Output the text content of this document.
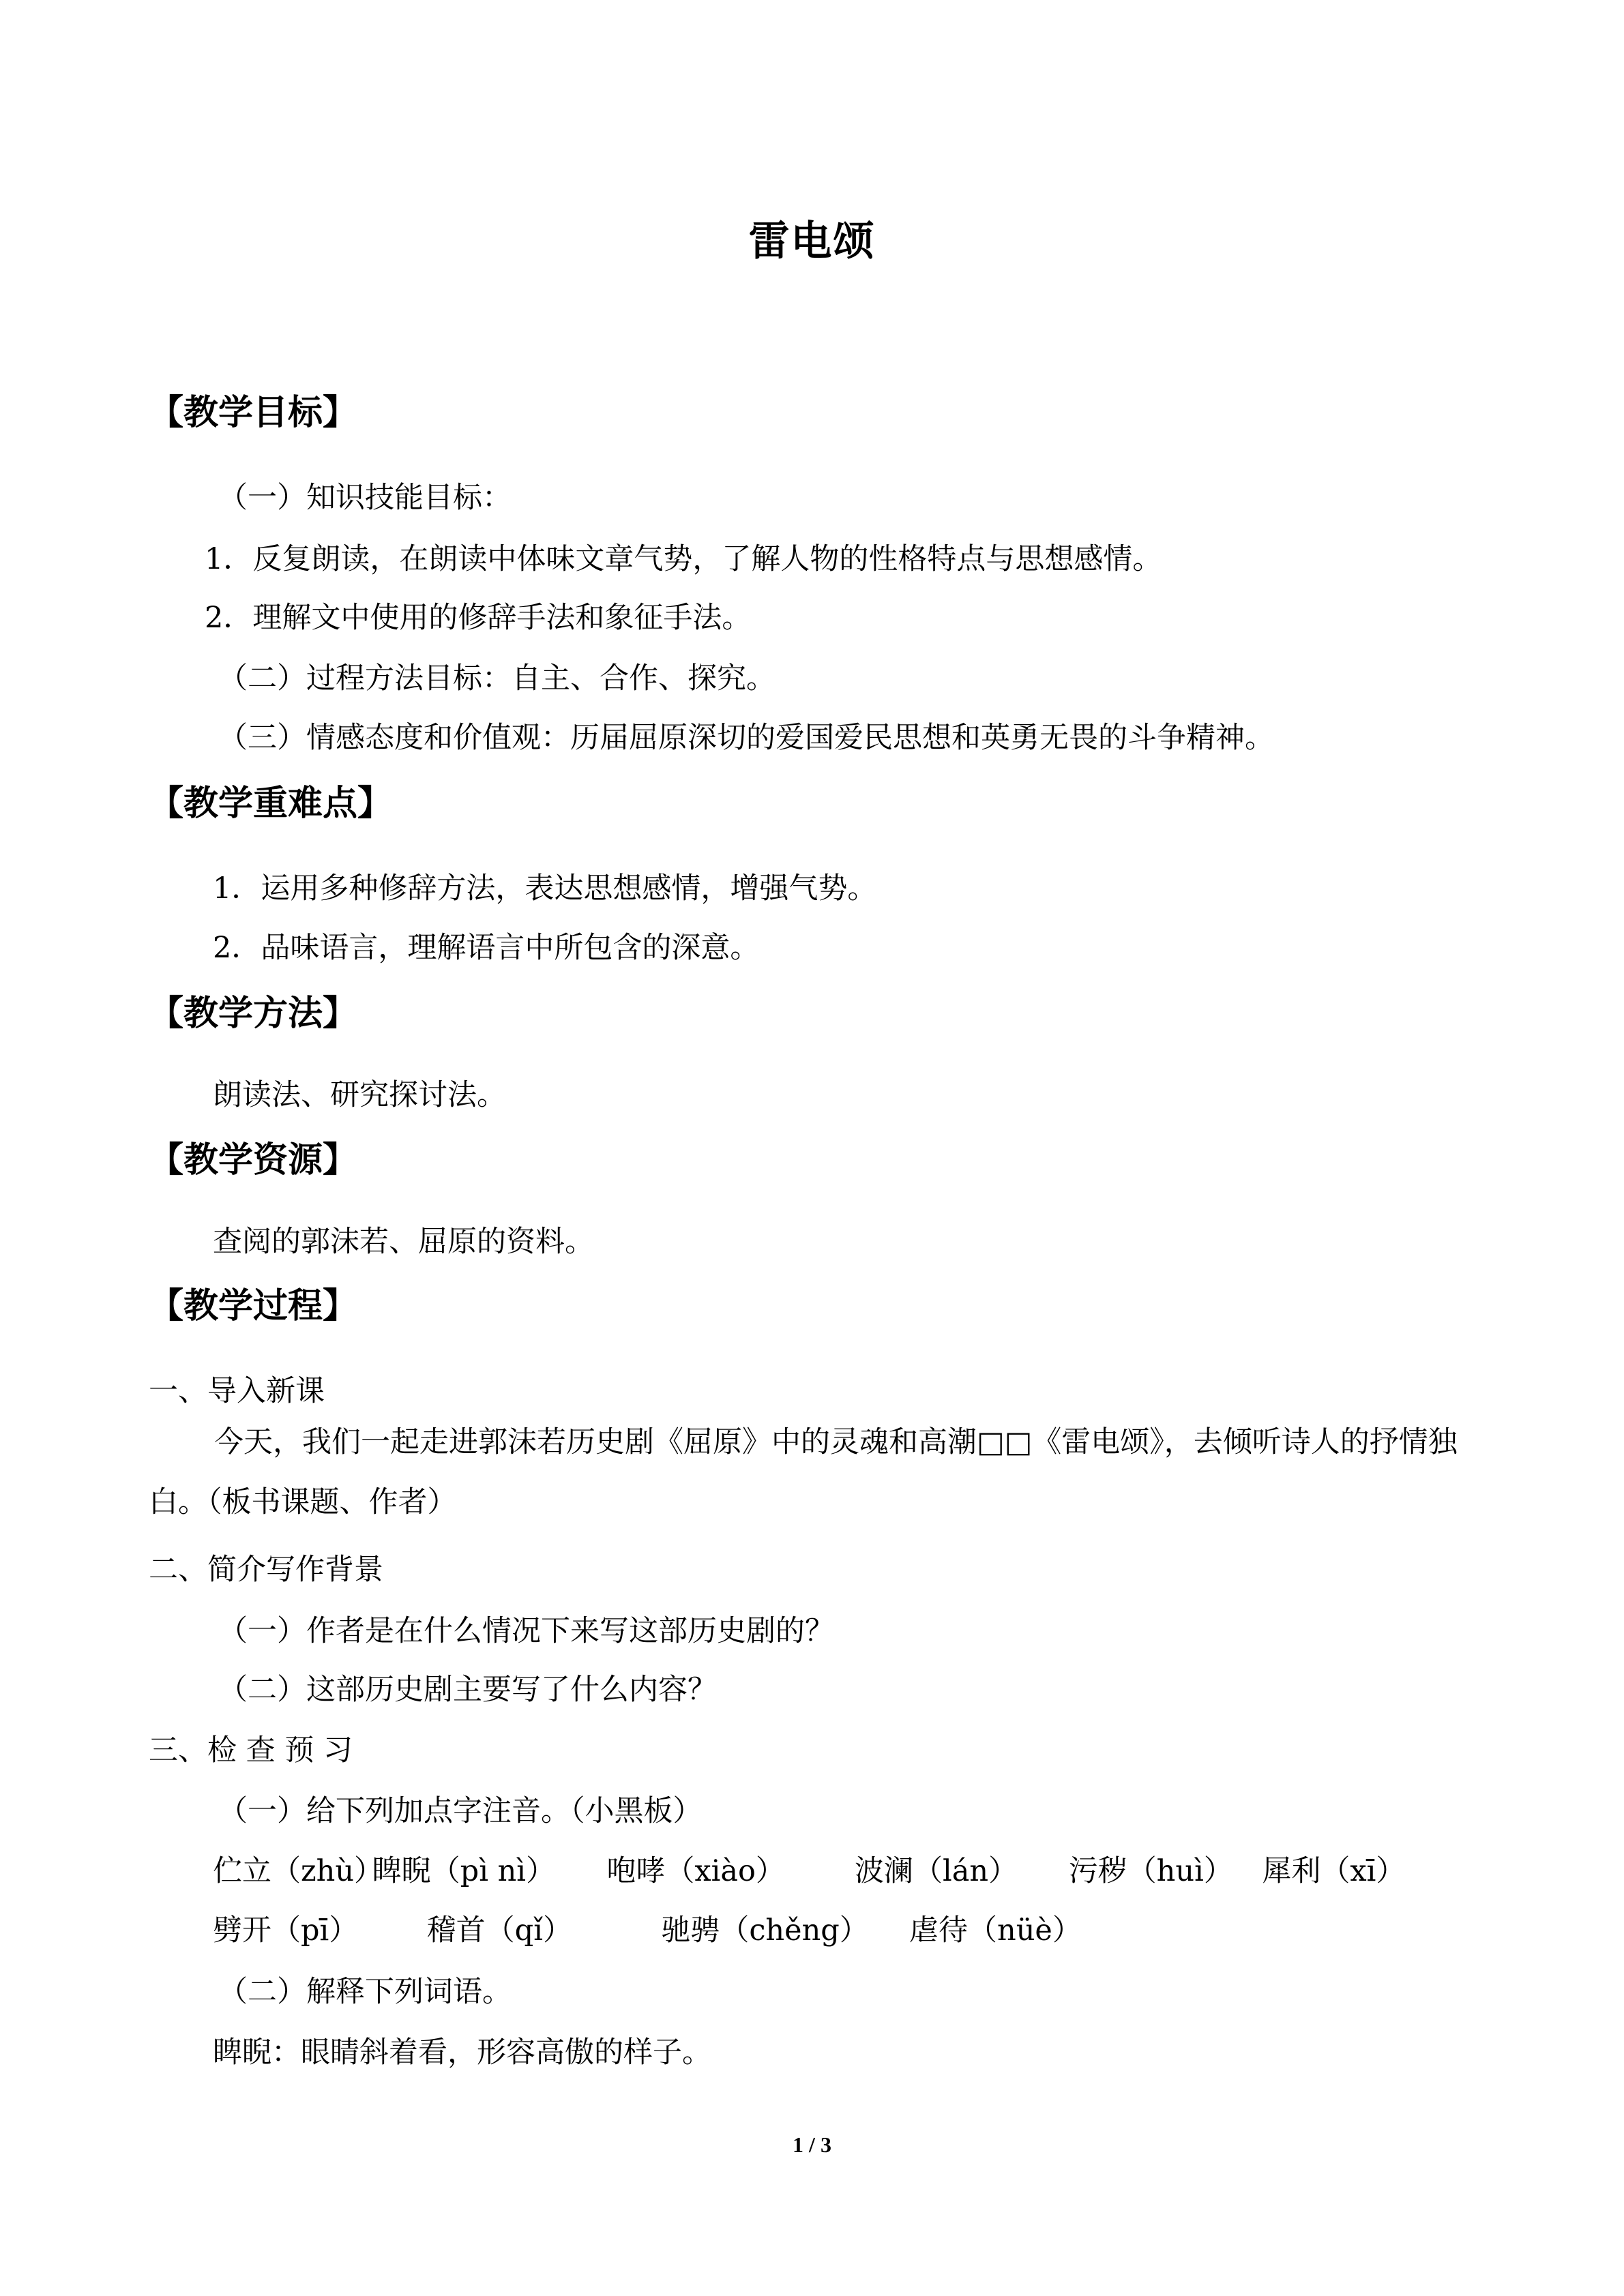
雷电颂
【教学目标】
（一）知识技能目标：
1．反复朗读，在朗读中体味文章气势，了解人物的性格特点与思想感情。
2．理解文中使用的修辞手法和象征手法。
（二）过程方法目标：自主、合作、探究。
（三）情感态度和价值观：历届屈原深切的爱国爱民思想和英勇无畏的斗争精神。
【教学重难点】
1．运用多种修辞方法，表达思想感情，增强气势。
2．品味语言，理解语言中所包含的深意。
【教学方法】
朗读法、研究探讨法。
【教学资源】
查阅的郭沫若、屈原的资料。
【教学过程】
一、导入新课
今天，我们一起走进郭沫若历史剧《屈原》中的灵魂和高潮□□《雷电颂》，去倾听诗人的抒情独白。（板书课题、作者）
二、简介写作背景
（一）作者是在什么情况下来写这部历史剧的？
（二）这部历史剧主要写了什么内容？
三、检 查 预 习
（一）给下列加点字注音。（小黑板）
伫立（zhù） 睥睨（pì nì） 咆哮（xiào） 波澜（lán） 污秽（huì） 犀利（xī）
劈开（pī） 稽首（qǐ）	驰骋（chěng） 虐待（nüè）
（二）解释下列词语。
睥睨：眼睛斜着看，形容高傲的样子。
1 / 3
